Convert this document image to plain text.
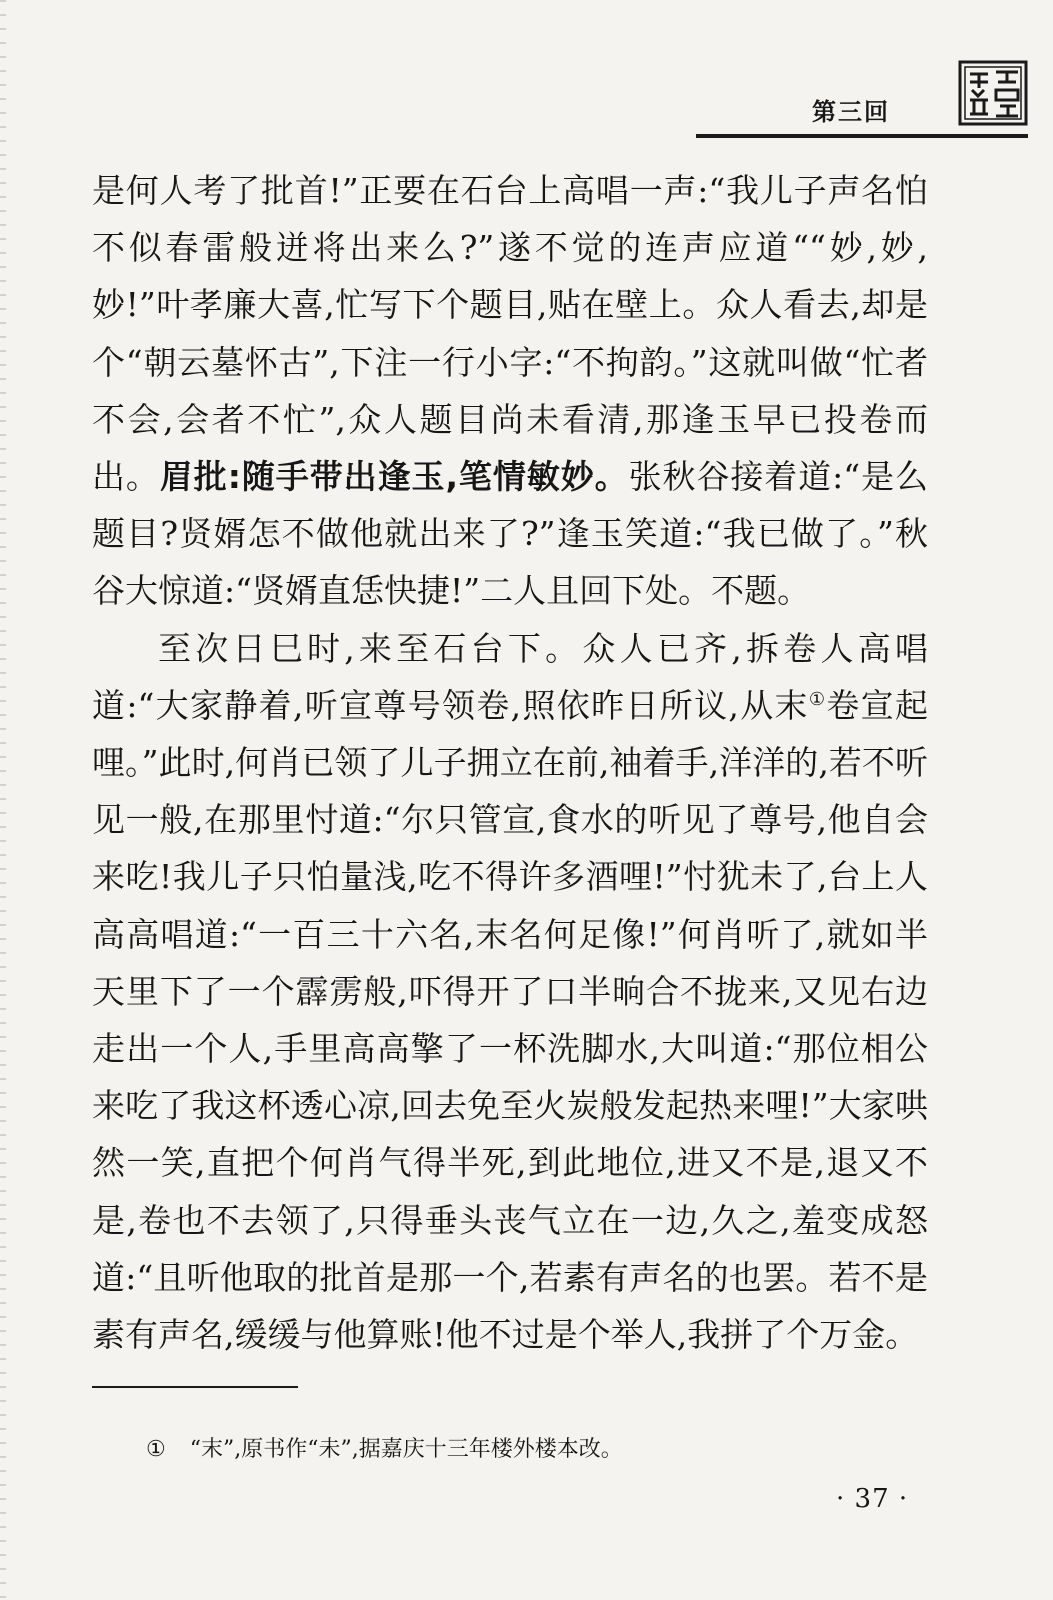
第三回

是何人考了批首!”正要在石台上高唱一声:“我儿子声名怕不似春雷般迸将出来么?”遂不觉的连声应道““妙,妙,妙!”叶孝廉大喜,忙写下个题目,贴在壁上。众人看去,却是个“朝云墓怀古”,下注一行小字:“不拘韵。”这就叫做“忙者不会,会者不忙”,众人题目尚未看清,那逢玉早已投卷而出。眉批:随手带出逢玉,笔情敏妙。张秋谷接着道:“是么题目?贤婿怎不做他就出来了?”逢玉笑道:“我已做了。”秋谷大惊道:“贤婿直恁快捷!”二人且回下处。不题。

至次日巳时,来至石台下。众人已齐,拆卷人高唱道:“大家静着,听宣尊号领卷,照依昨日所议,从末①卷宣起哩。”此时,何肖已领了儿子拥立在前,袖着手,洋洋的,若不听见一般,在那里忖道:“尔只管宣,食水的听见了尊号,他自会来吃!我儿子只怕量浅,吃不得许多酒哩!”忖犹未了,台上人高高唱道:“一百三十六名,末名何足像!”何肖听了,就如半天里下了一个霹雳般,吓得开了口半晌合不拢来,又见右边走出一个人,手里高高擎了一杯洗脚水,大叫道:“那位相公来吃了我这杯透心凉,回去免至火炭般发起热来哩!”大家哄然一笑,直把个何肖气得半死,到此地位,进又不是,退又不是,卷也不去领了,只得垂头丧气立在一边,久之,羞变成怒道:“且听他取的批首是那一个,若素有声名的也罢。若不是素有声名,缓缓与他算账!他不过是个举人,我拼了个万金。

① “末”,原书作“未”,据嘉庆十三年楼外楼本改。
· 37 ·
